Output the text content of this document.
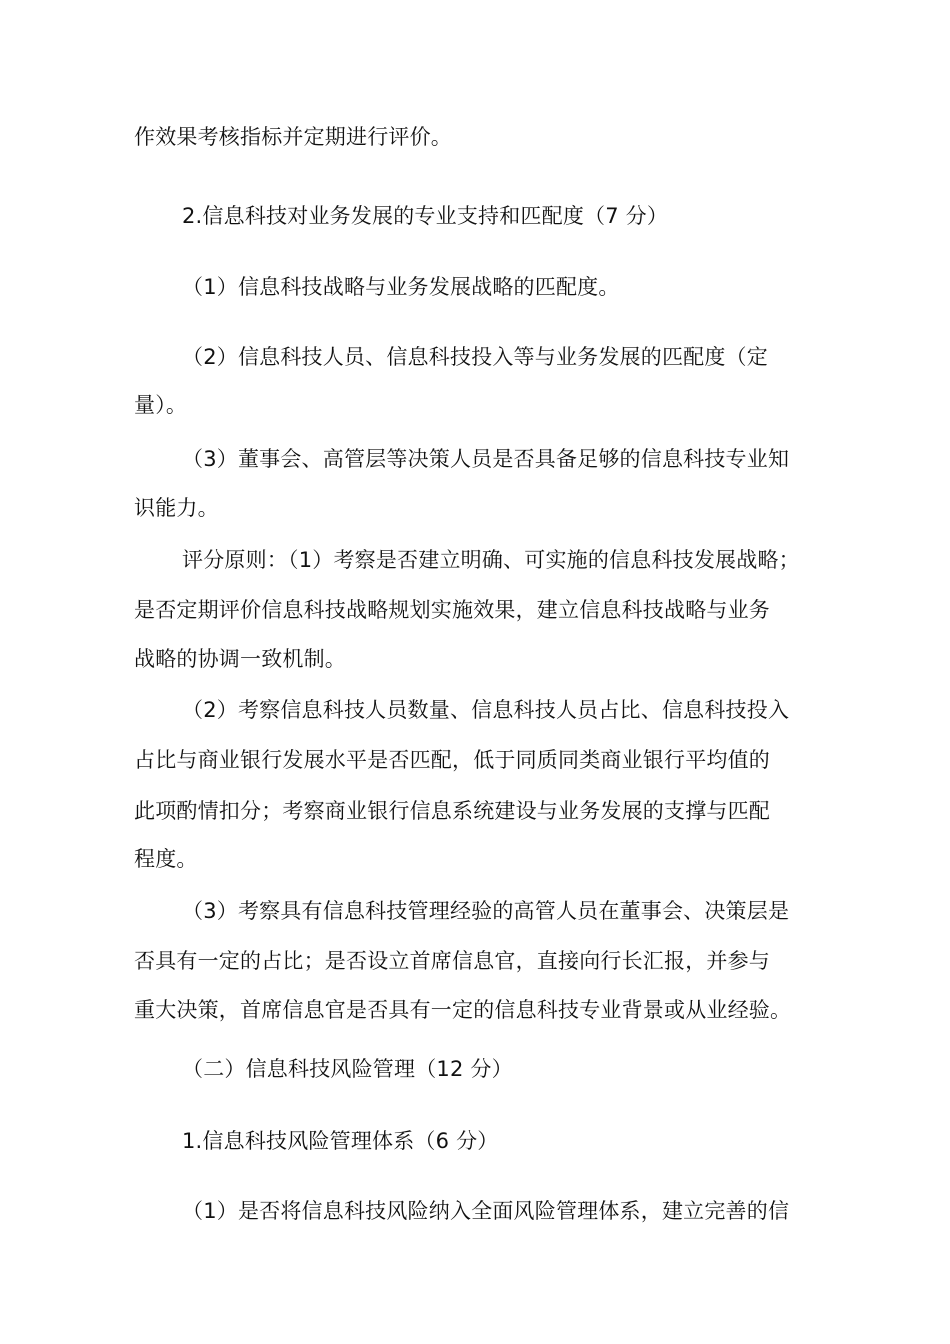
作效果考核指标并定期进行评价。
2.信息科技对业务发展的专业支持和匹配度（7 分）
（1）信息科技战略与业务发展战略的匹配度。
（2）信息科技人员、信息科技投入等与业务发展的匹配度（定
量）。
（3）董事会、高管层等决策人员是否具备足够的信息科技专业知
识能力。
评分原则：（1）考察是否建立明确、可实施的信息科技发展战略；
是否定期评价信息科技战略规划实施效果，建立信息科技战略与业务
战略的协调一致机制。
（2）考察信息科技人员数量、信息科技人员占比、信息科技投入
占比与商业银行发展水平是否匹配，低于同质同类商业银行平均值的
此项酌情扣分；考察商业银行信息系统建设与业务发展的支撑与匹配
程度。
（3）考察具有信息科技管理经验的高管人员在董事会、决策层是
否具有一定的占比；是否设立首席信息官，直接向行长汇报，并参与
重大决策，首席信息官是否具有一定的信息科技专业背景或从业经验。
（二）信息科技风险管理（12 分）
1.信息科技风险管理体系（6 分）
（1）是否将信息科技风险纳入全面风险管理体系，建立完善的信
